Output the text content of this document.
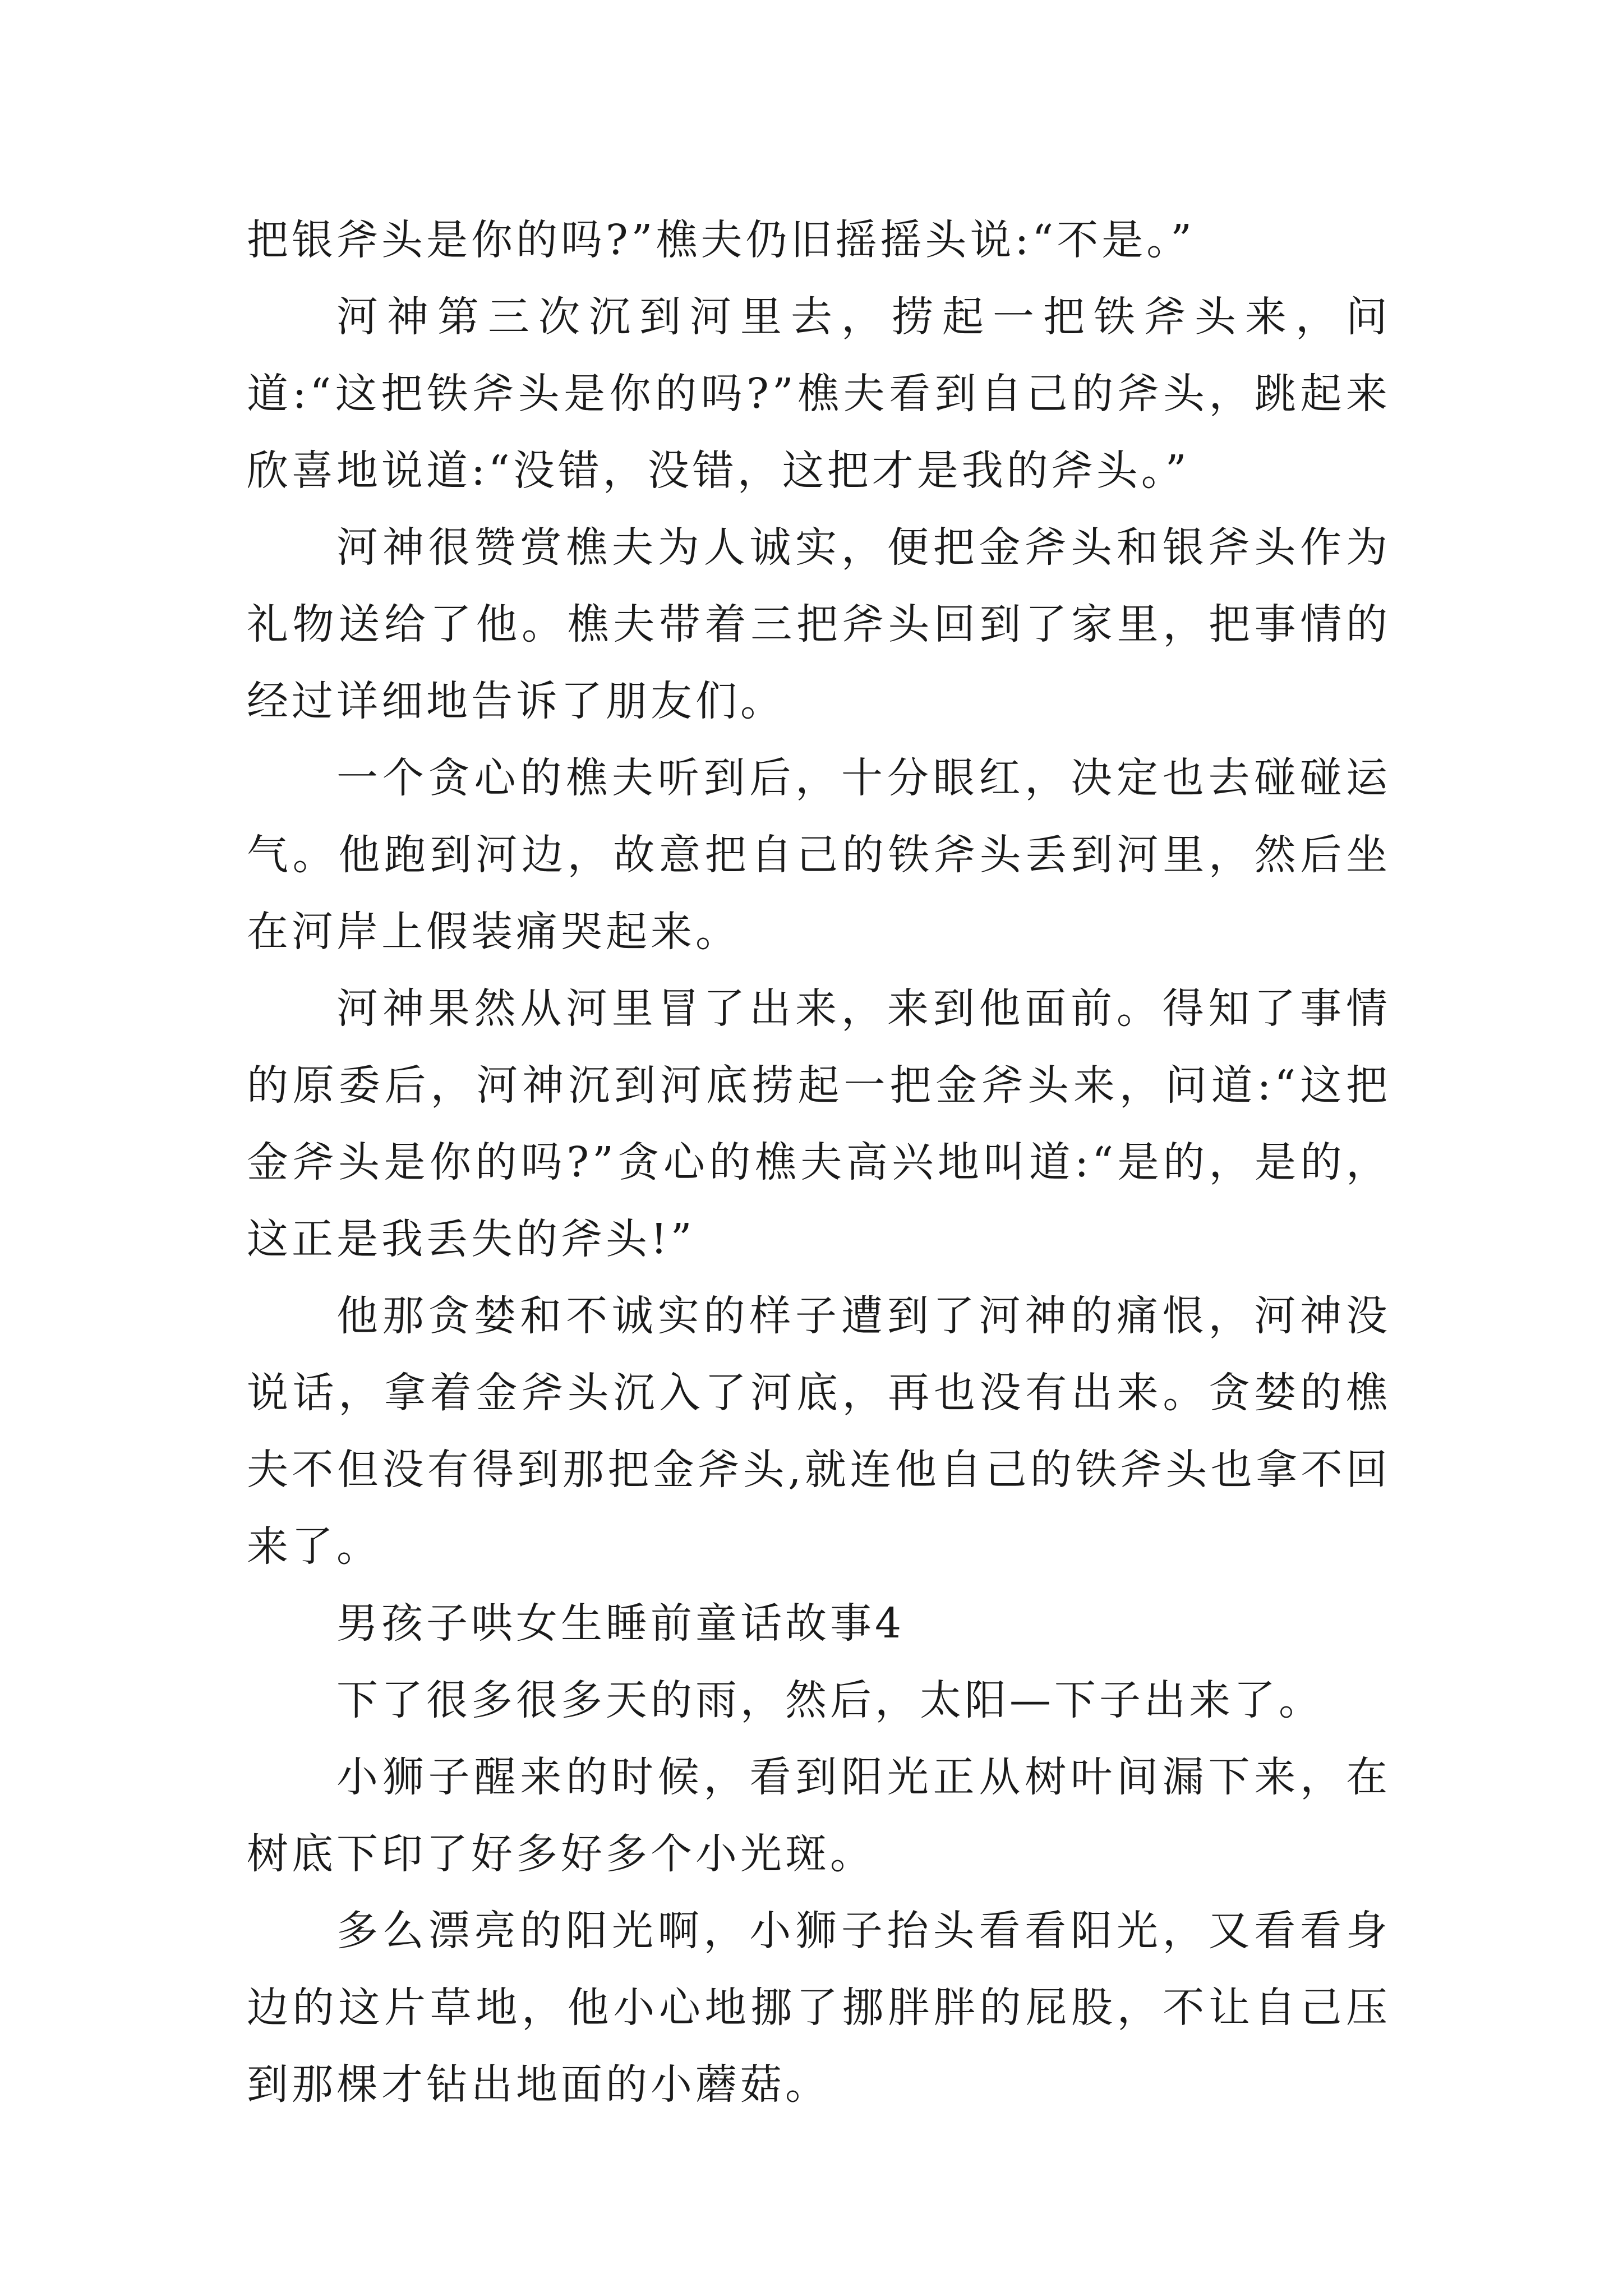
把银斧头是你的吗?”樵夫仍旧摇摇头说:“不是。”

河神第三次沉到河里去，捞起一把铁斧头来，问道:“这把铁斧头是你的吗?”樵夫看到自己的斧头，跳起来欣喜地说道:“没错，没错，这把才是我的斧头。”

河神很赞赏樵夫为人诚实，便把金斧头和银斧头作为礼物送给了他。樵夫带着三把斧头回到了家里，把事情的经过详细地告诉了朋友们。

一个贪心的樵夫听到后，十分眼红，决定也去碰碰运气。他跑到河边，故意把自己的铁斧头丢到河里，然后坐在河岸上假装痛哭起来。

河神果然从河里冒了出来，来到他面前。得知了事情的原委后，河神沉到河底捞起一把金斧头来，问道:“这把金斧头是你的吗?”贪心的樵夫高兴地叫道:“是的，是的，这正是我丢失的斧头!”

他那贪婪和不诚实的样子遭到了河神的痛恨，河神没说话，拿着金斧头沉入了河底，再也没有出来。贪婪的樵夫不但没有得到那把金斧头,就连他自己的铁斧头也拿不回来了。

男孩子哄女生睡前童话故事4

下了很多很多天的雨，然后，太阳—下子出来了。

小狮子醒来的时候，看到阳光正从树叶间漏下来，在树底下印了好多好多个小光斑。

多么漂亮的阳光啊，小狮子抬头看看阳光，又看看身边的这片草地，他小心地挪了挪胖胖的屁股，不让自己压到那棵才钻出地面的小蘑菇。
